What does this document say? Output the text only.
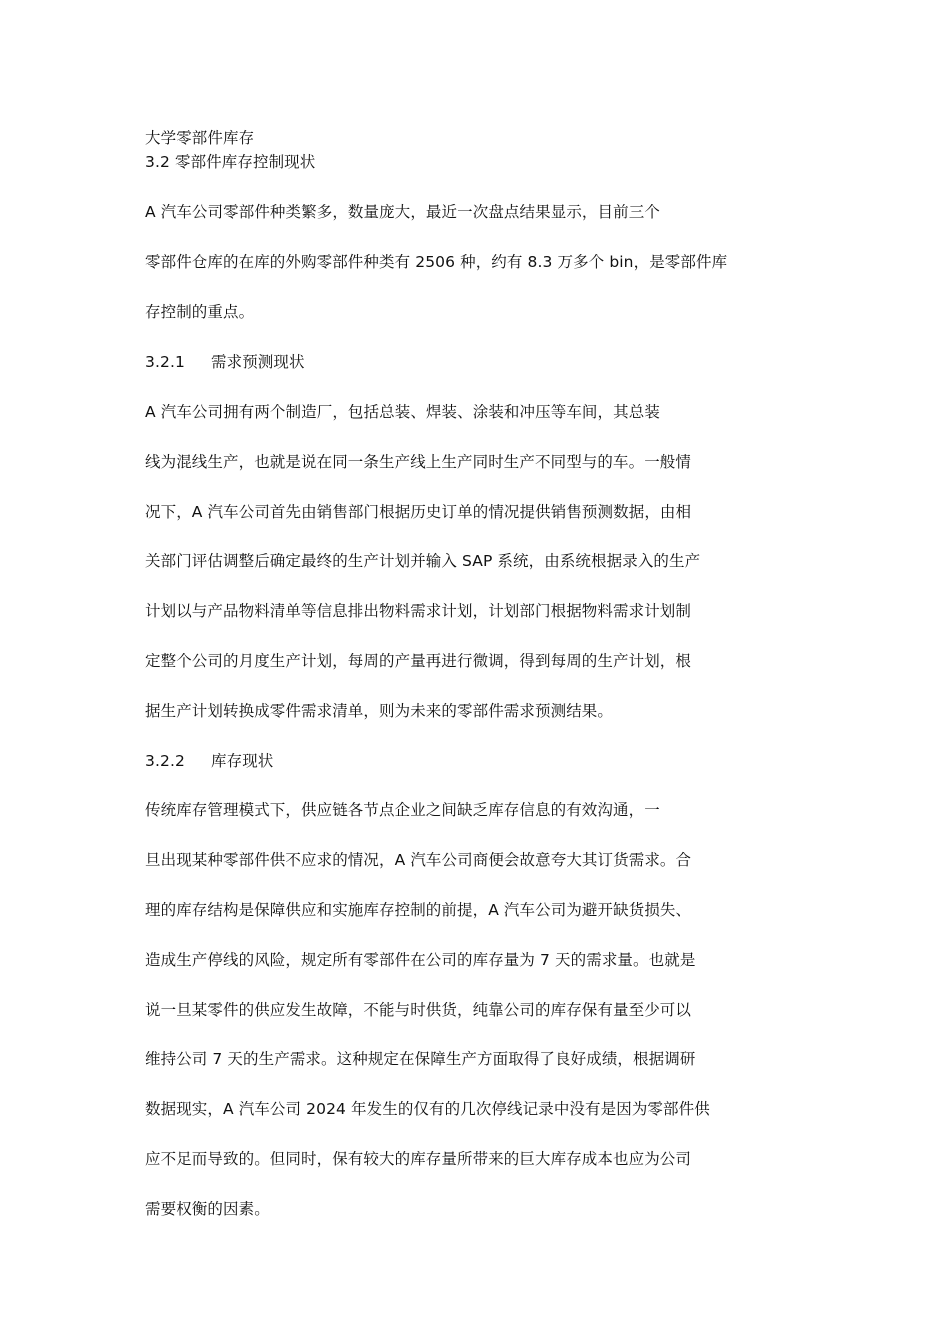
大学零部件库存
3.2 零部件库存控制现状
A 汽车公司零部件种类繁多，数量庞大，最近一次盘点结果显示，目前三个
零部件仓库的在库的外购零部件种类有 2506 种，约有 8.3 万多个 bin，是零部件库
存控制的重点。
3.2.1 需求预测现状
A 汽车公司拥有两个制造厂，包括总装、焊装、涂装和冲压等车间，其总装
线为混线生产，也就是说在同一条生产线上生产同时生产不同型与的车。一般情
况下，A 汽车公司首先由销售部门根据历史订单的情况提供销售预测数据，由相
关部门评估调整后确定最终的生产计划并输入 SAP 系统，由系统根据录入的生产
计划以与产品物料清单等信息排出物料需求计划，计划部门根据物料需求计划制
定整个公司的月度生产计划，每周的产量再进行微调，得到每周的生产计划，根
据生产计划转换成零件需求清单，则为未来的零部件需求预测结果。
3.2.2 库存现状
传统库存管理模式下，供应链各节点企业之间缺乏库存信息的有效沟通，一
旦出现某种零部件供不应求的情况，A 汽车公司商便会故意夸大其订货需求。合
理的库存结构是保障供应和实施库存控制的前提，A 汽车公司为避开缺货损失、
造成生产停线的风险，规定所有零部件在公司的库存量为 7 天的需求量。也就是
说一旦某零件的供应发生故障，不能与时供货，纯靠公司的库存保有量至少可以
维持公司 7 天的生产需求。这种规定在保障生产方面取得了良好成绩，根据调研
数据现实，A 汽车公司 2024 年发生的仅有的几次停线记录中没有是因为零部件供
应不足而导致的。但同时，保有较大的库存量所带来的巨大库存成本也应为公司
需要权衡的因素。
